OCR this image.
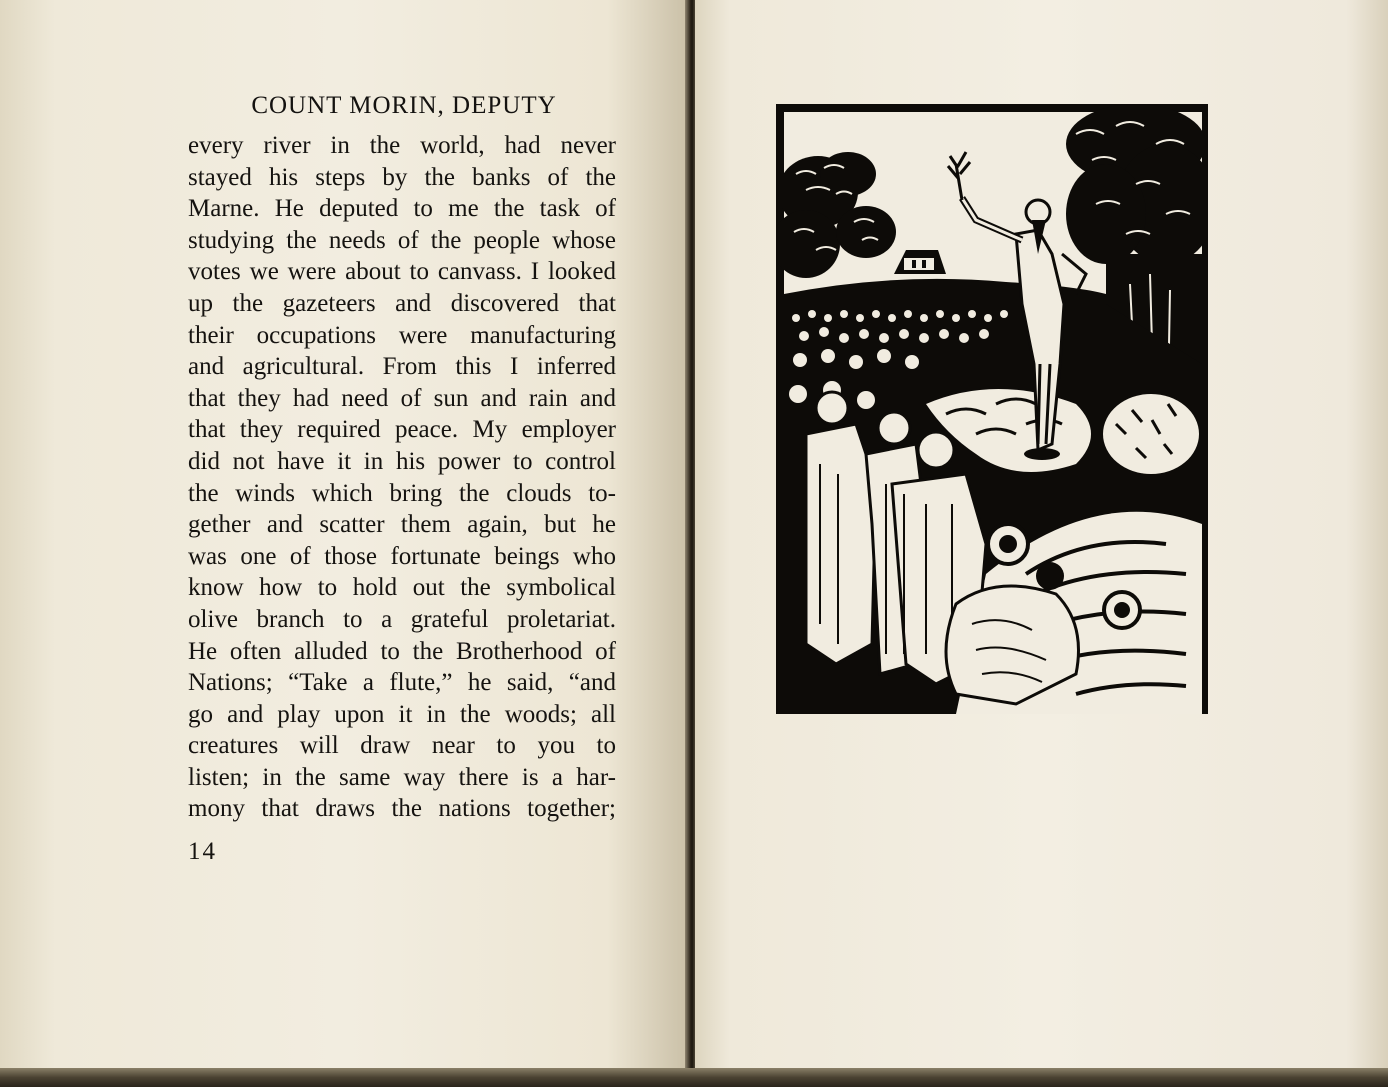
COUNT MORIN, DEPUTY
every river in the world, had never
stayed his steps by the banks of the
Marne. He deputed to me the task of
studying the needs of the people whose
votes we were about to canvass. I looked
up the gazeteers and discovered that
their occupations were manufacturing
and agricultural. From this I inferred
that they had need of sun and rain and
that they required peace. My employer
did not have it in his power to control
the winds which bring the clouds to-
gether and scatter them again, but he
was one of those fortunate beings who
know how to hold out the symbolical
olive branch to a grateful proletariat.
He often alluded to the Brotherhood of
Nations; “Take a flute,” he said, “and
go and play upon it in the woods; all
creatures will draw near to you to
listen; in the same way there is a har-
mony that draws the nations together;
14
